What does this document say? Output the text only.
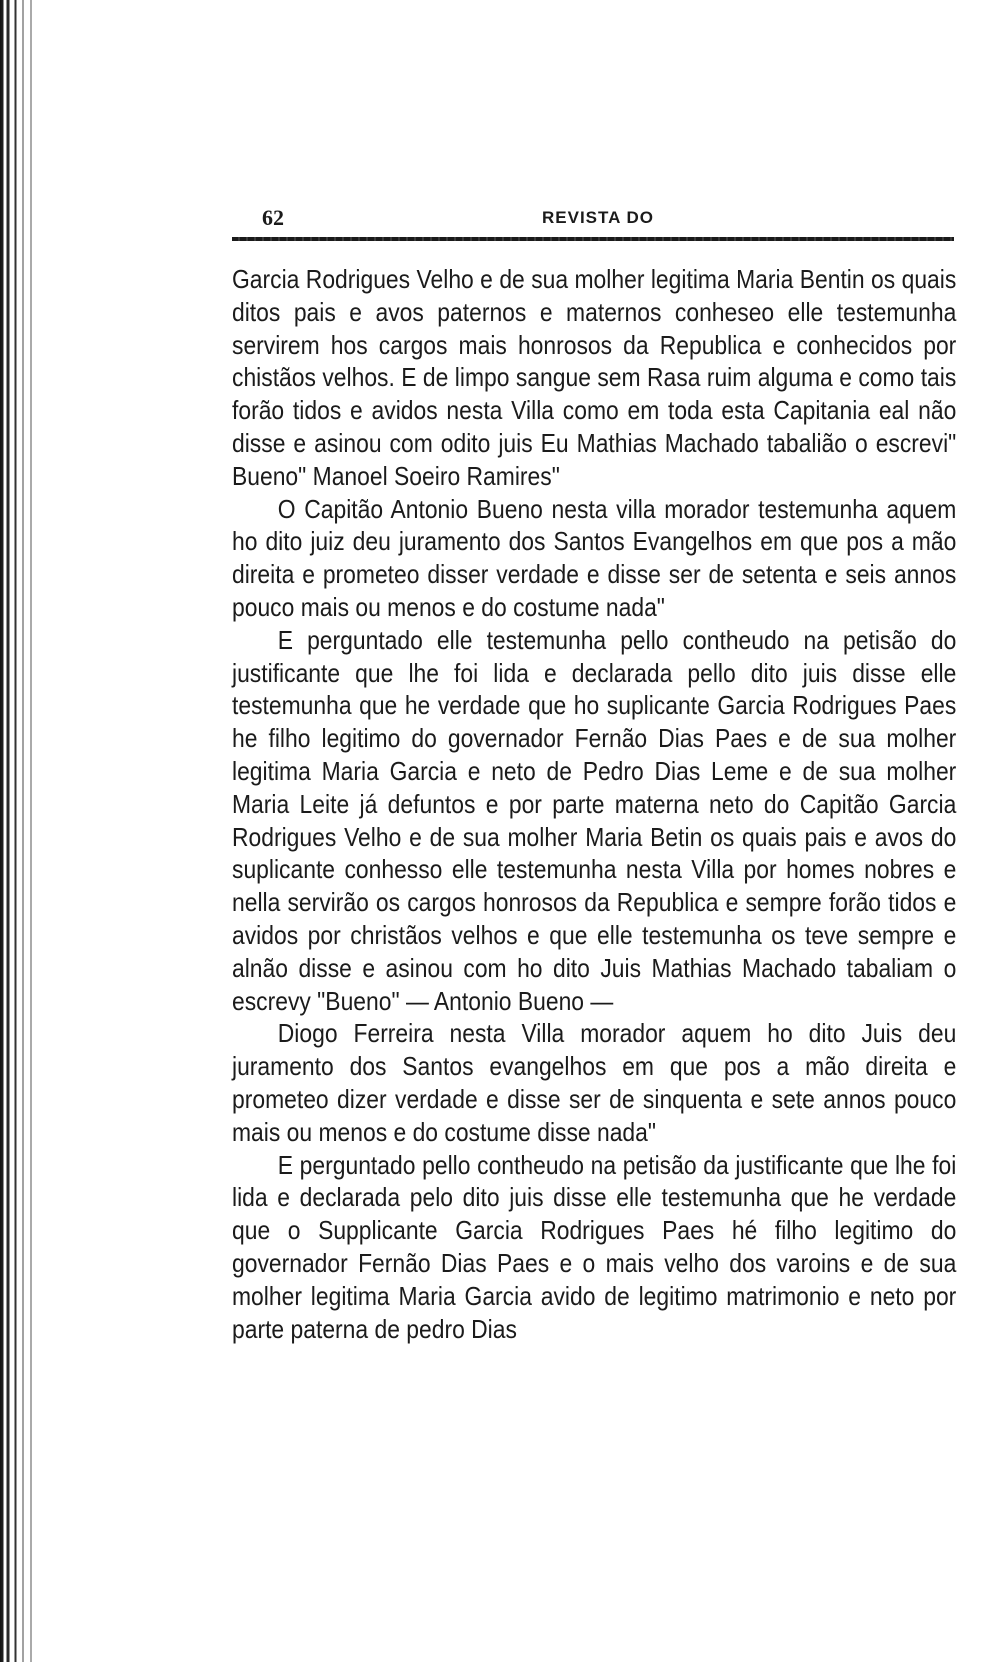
62	REVISTA DO

Garcia Rodrigues Velho e de sua molher legitima Maria Bentin os quais ditos pais e avos paternos e maternos conheseo elle testemunha servirem hos cargos mais honrosos da Republica e conhecidos por chistãos velhos. E de limpo sangue sem Rasa ruim alguma e como tais forão tidos e avidos nesta Villa como em toda esta Capitania eal não disse e asinou com odito juis Eu Mathias Machado tabalião o escrevi" Bueno" Manoel Soeiro Ramires"

O Capitão Antonio Bueno nesta villa morador testemunha aquem ho dito juiz deu juramento dos Santos Evangelhos em que pos a mão direita e prometeo disser verdade e disse ser de setenta e seis annos pouco mais ou menos e do costume nada"

E perguntado elle testemunha pello contheudo na petisão do justificante que lhe foi lida e declarada pello dito juis disse elle testemunha que he verdade que ho suplicante Garcia Rodrigues Paes he filho legitimo do governador Fernão Dias Paes e de sua molher legitima Maria Garcia e neto de Pedro Dias Leme e de sua molher Maria Leite já defuntos e por parte materna neto do Capitão Garcia Rodrigues Velho e de sua molher Maria Betin os quais pais e avos do suplicante conhesso elle testemunha nesta Villa por homes nobres e nella servirão os cargos honrosos da Republica e sempre forão tidos e avidos por christãos velhos e que elle testemunha os teve sempre e alnão disse e asinou com ho dito Juis Mathias Machado tabaliam o escrevy "Bueno" — Antonio Bueno —

Diogo Ferreira nesta Villa morador aquem ho dito Juis deu juramento dos Santos evangelhos em que pos a mão direita e prometeo dizer verdade e disse ser de sinquenta e sete annos pouco mais ou menos e do costume disse nada"

E perguntado pello contheudo na petisão da justificante que lhe foi lida e declarada pelo dito juis disse elle testemunha que he verdade que o Supplicante Garcia Rodrigues Paes hé filho legitimo do governador Fernão Dias Paes e o mais velho dos varoins e de sua molher legitima Maria Garcia avido de legitimo matrimonio e neto por parte paterna de pedro Dias
